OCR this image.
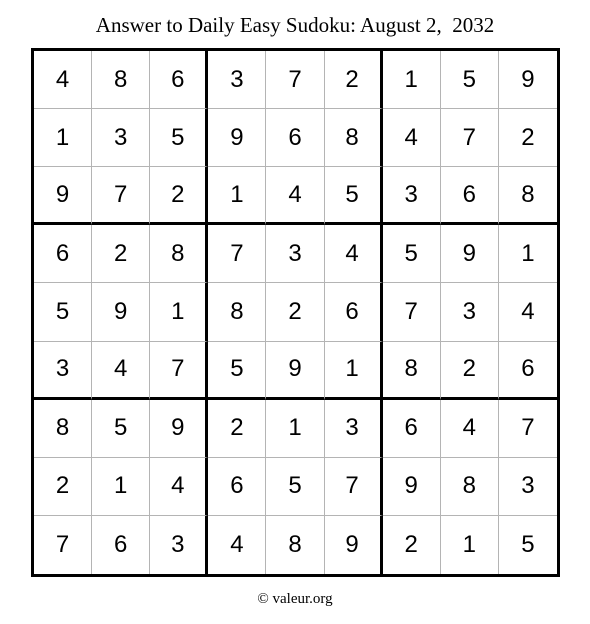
Answer to Daily Easy Sudoku: August 2,  2032
4	8	6	3	7	2	1	5	9
1	3	5	9	6	8	4	7	2
9	7	2	1	4	5	3	6	8
6	2	8	7	3	4	5	9	1
5	9	1	8	2	6	7	3	4
3	4	7	5	9	1	8	2	6
8	5	9	2	1	3	6	4	7
2	1	4	6	5	7	9	8	3
7	6	3	4	8	9	2	1	5
© valeur.org
